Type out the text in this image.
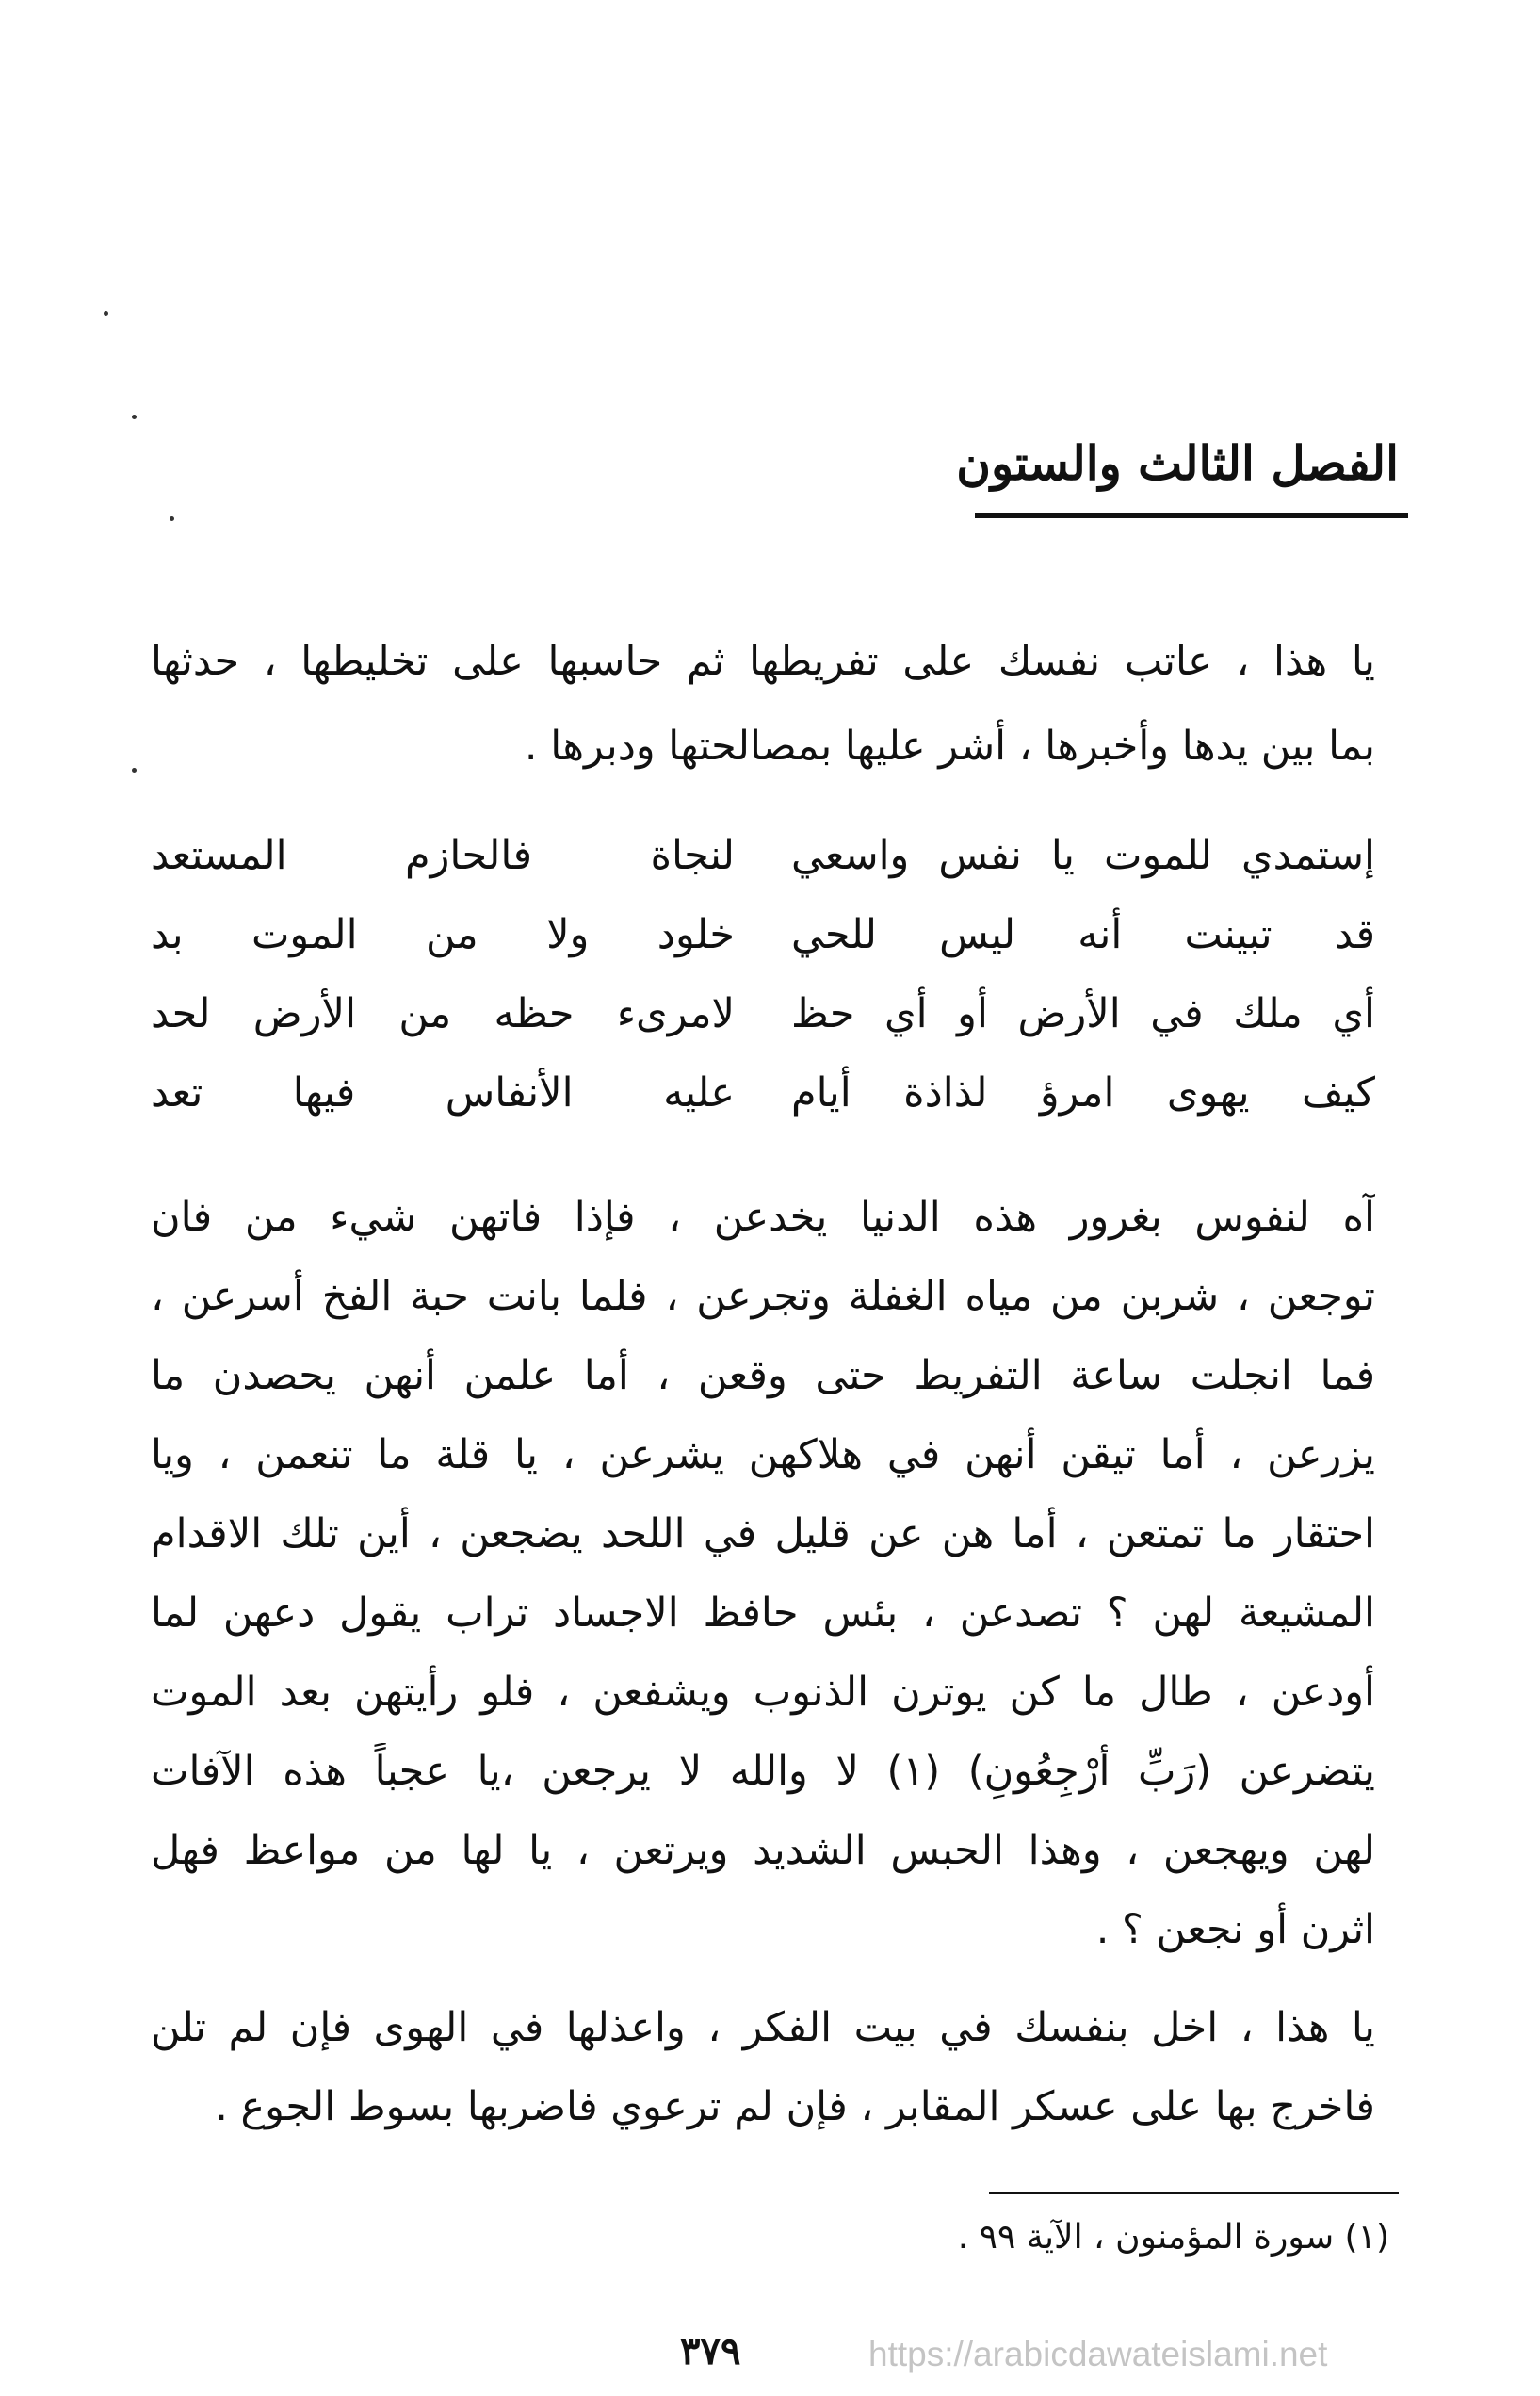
الفصل الثالث والستون
يا هذا ، عاتب نفسك على تفريطها ثم حاسبها على تخليطها ، حدثها
بما بين يدها وأخبرها ، أشر عليها بمصالحتها ودبرها .
إستمدي للموت يا نفس واسعي
لنجاة فالحازم المستعد
قد تبينت أنه ليس للحي
خلود ولا من الموت بد
أي ملك في الأرض أو أي حظ
لامرىء حظه من الأرض لحد
كيف يهوى امرؤ لذاذة أيام
عليه الأنفاس فيها تعد
آه لنفوس بغرور هذه الدنيا يخدعن ، فإذا فاتهن شيء من فان
توجعن ، شربن من مياه الغفلة وتجرعن ، فلما بانت حبة الفخ أسرعن ،
فما انجلت ساعة التفريط حتى وقعن ، أما علمن أنهن يحصدن ما
يزرعن ، أما تيقن أنهن في هلاكهن يشرعن ، يا قلة ما تنعمن ، ويا
احتقار ما تمتعن ، أما هن عن قليل في اللحد يضجعن ، أين تلك الاقدام
المشيعة لهن ؟ تصدعن ، بئس حافظ الاجساد تراب يقول دعهن لما
أودعن ، طال ما كن يوترن الذنوب ويشفعن ، فلو رأيتهن بعد الموت
يتضرعن (رَبِّ أرْجِعُونِ) (١) لا والله لا يرجعن ،يا عجباً هذه الآفات
لهن ويهجعن ، وهذا الحبس الشديد ويرتعن ، يا لها من مواعظ فهل
اثرن أو نجعن ؟ .
يا هذا ، اخل بنفسك في بيت الفكر ، واعذلها في الهوى فإن لم تلن
فاخرج بها على عسكر المقابر ، فإن لم ترعوي فاضربها بسوط الجوع .
(١) سورة المؤمنون ، الآية ٩٩ .
٣٧٩	https://arabicdawateislami.net
